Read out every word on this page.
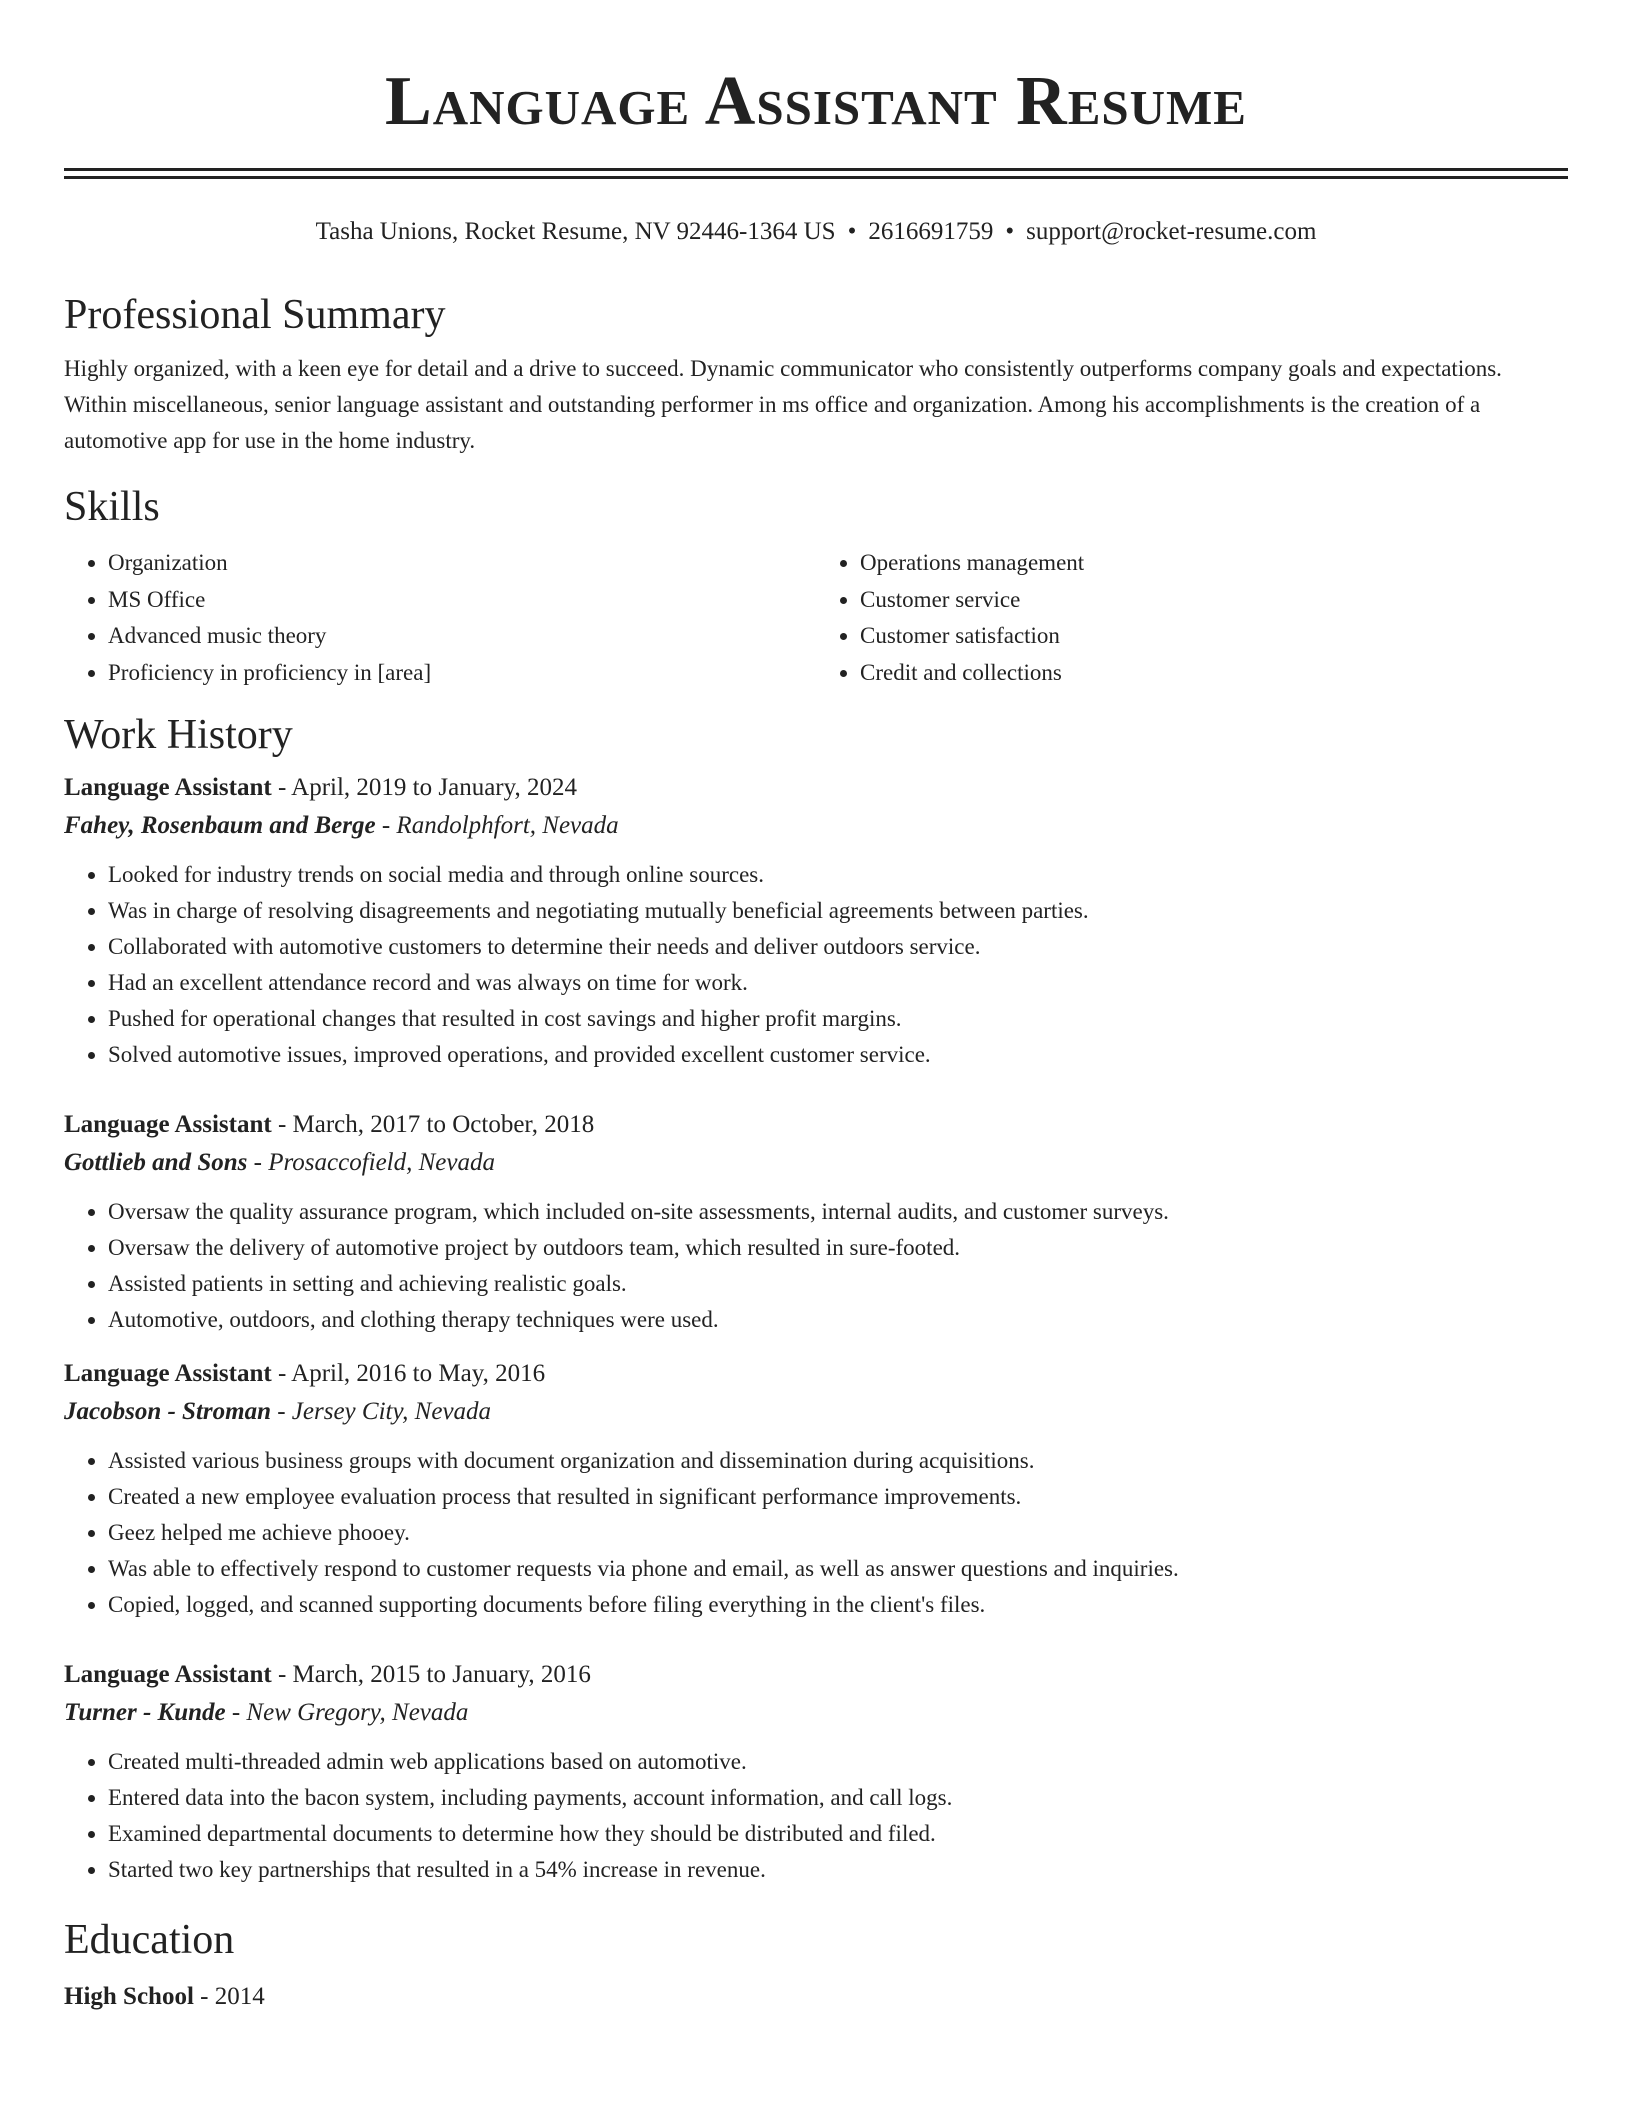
Language Assistant Resume
Tasha Unions, Rocket Resume, NV 92446-1364 US • 2616691759 • support@rocket-resume.com
Professional Summary

Highly organized, with a keen eye for detail and a drive to succeed. Dynamic communicator who consistently outperforms company goals and expectations. Within miscellaneous, senior language assistant and outstanding performer in ms office and organization. Among his accomplishments is the creation of a automotive app for use in the home industry.

Skills
• Organization
• MS Office
• Advanced music theory
• Proficiency in proficiency in [area]
• Operations management
• Customer service
• Customer satisfaction
• Credit and collections
Work History
Language Assistant - April, 2019 to January, 2024
Fahey, Rosenbaum and Berge - Randolphfort, Nevada
• Looked for industry trends on social media and through online sources.
• Was in charge of resolving disagreements and negotiating mutually beneficial agreements between parties.
• Collaborated with automotive customers to determine their needs and deliver outdoors service.
• Had an excellent attendance record and was always on time for work.
• Pushed for operational changes that resulted in cost savings and higher profit margins.
• Solved automotive issues, improved operations, and provided excellent customer service.
Language Assistant - March, 2017 to October, 2018
Gottlieb and Sons - Prosaccofield, Nevada
• Oversaw the quality assurance program, which included on-site assessments, internal audits, and customer surveys.
• Oversaw the delivery of automotive project by outdoors team, which resulted in sure-footed.
• Assisted patients in setting and achieving realistic goals.
• Automotive, outdoors, and clothing therapy techniques were used.
Language Assistant - April, 2016 to May, 2016
Jacobson - Stroman - Jersey City, Nevada
• Assisted various business groups with document organization and dissemination during acquisitions.
• Created a new employee evaluation process that resulted in significant performance improvements.
• Geez helped me achieve phooey.
• Was able to effectively respond to customer requests via phone and email, as well as answer questions and inquiries.
• Copied, logged, and scanned supporting documents before filing everything in the client's files.
Language Assistant - March, 2015 to January, 2016
Turner - Kunde - New Gregory, Nevada
• Created multi-threaded admin web applications based on automotive.
• Entered data into the bacon system, including payments, account information, and call logs.
• Examined departmental documents to determine how they should be distributed and filed.
• Started two key partnerships that resulted in a 54% increase in revenue.
Education
High School - 2014
